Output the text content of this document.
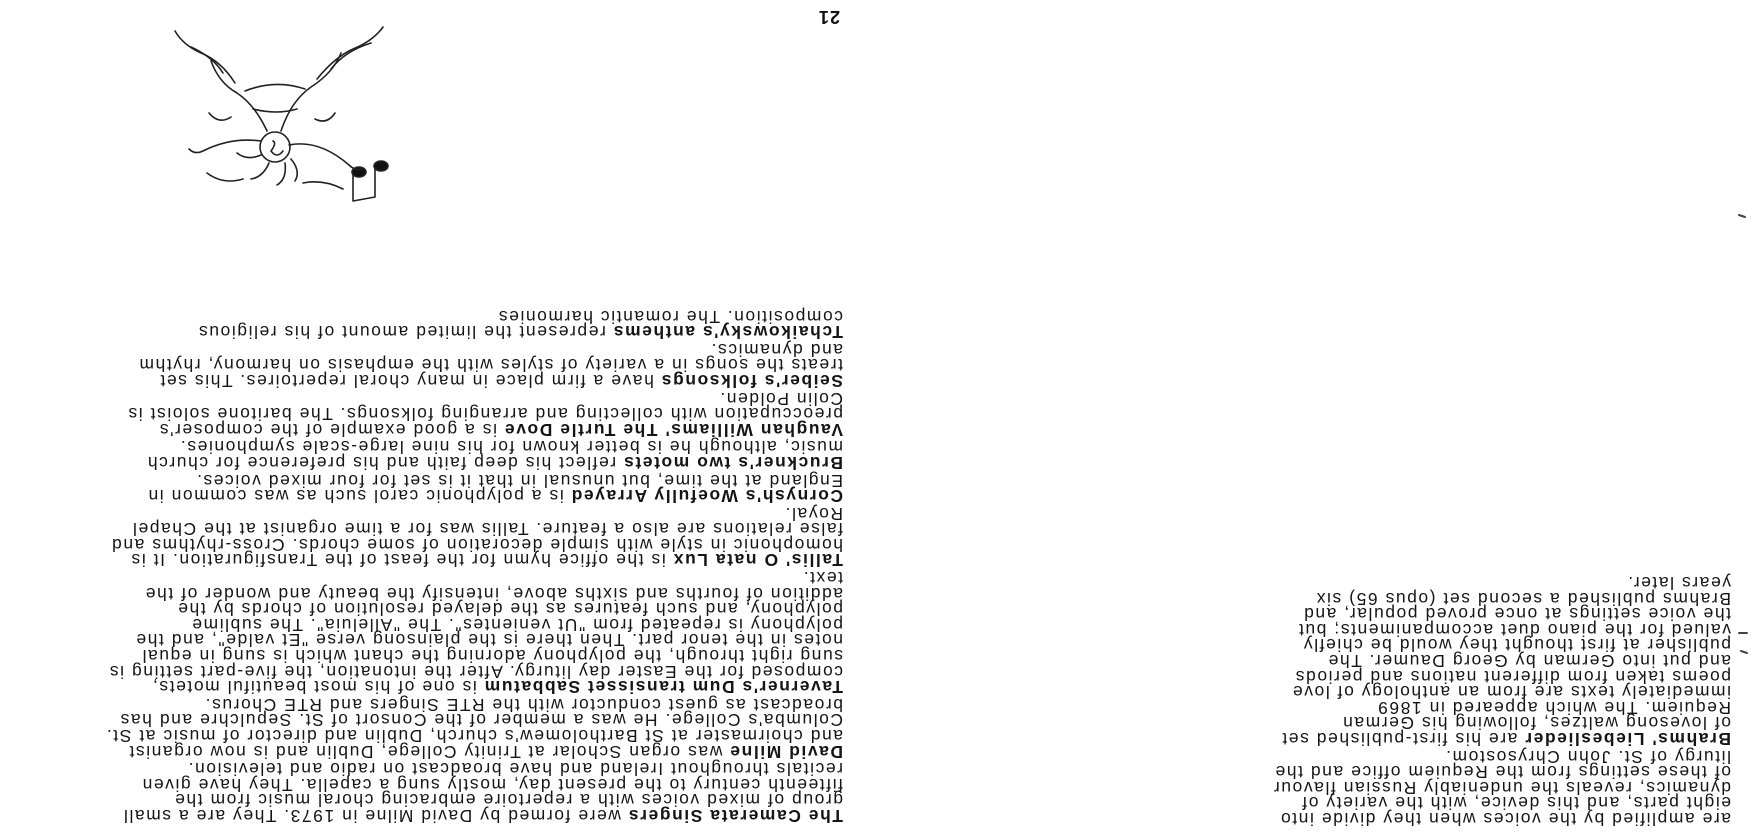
are amplified by the voices when they divide into eight parts, and this device, with the variety of dynamics, reveals the undeniably Russian flavour of these settings from the Requiem office and the liturgy of St. John Chrysostom.

Brahms' Liebeslieder are his first-published set of lovesong waltzes, following his German Requiem. The which appeared in 1869 immediately texts are from an anthology of love poems taken from different nations and periods and put into German by Georg Daumer. The publisher at first thought they would be chiefly valued for the piano duet accompaniments; but the voice settings at once proved popular, and Brahms published a second set (opus 65) six years later.

The Camerata Singers were formed by David Milne in 1973. They are a small group of mixed voices with a repertoire embracing choral music from the fifteenth century to the present day, mostly sung a capella. They have given recitals throughout Ireland and have broadcast on radio and television.

David Milne was organ Scholar at Trinity College, Dublin and is now organist and choirmaster at St Bartholomew's church, Dublin and director of music at St. Columba's College. He was a member of the Consort of St. Sepulchre and has broadcast as guest conductor with the RTE Singers and RTE Chorus.

Taverner's Dum transisset Sabbatum is one of his most beautiful motets, composed for the Easter day liturgy. After the intonation, the five-part setting is sung right through, the polyphony adorning the chant which is sung in equal notes in the tenor part. Then there is the plainsong verse "Et valde", and the polyphony is repeated from "Ut venientes". The "Alleluia". The sublime polyphony, and such features as the delayed resolution of chords by the addition of fourths and sixths above, intensify the beauty and wonder of the text.

Tallis' O nata Lux is the office hymn for the feast of the Transfiguration. It is homophonic in style with simple decoration of some chords. Cross-rhythms and false relations are also a feature. Tallis was for a time organist at the Chapel Royal.

Cornysh's Woefully Arrayed is a polyphonic carol such as was common in England at the time, but unusual in that it is set for four mixed voices.

Bruckner's two motets reflect his deep faith and his preference for church music, although he is better known for his nine large-scale symphonies.

Vaughan Williams' The Turtle Dove is a good example of the composer's preoccupation with collecting and arranging folksongs. The baritone soloist is Colin Polden.

Seiber's folksongs have a firm place in many choral repertoires. This set treats the songs in a variety of styles with the emphasis on harmony, rhythm and dynamics.

Tchaikowsky's anthems represent the limited amount of his religious composition. The romantic harmonies

21
